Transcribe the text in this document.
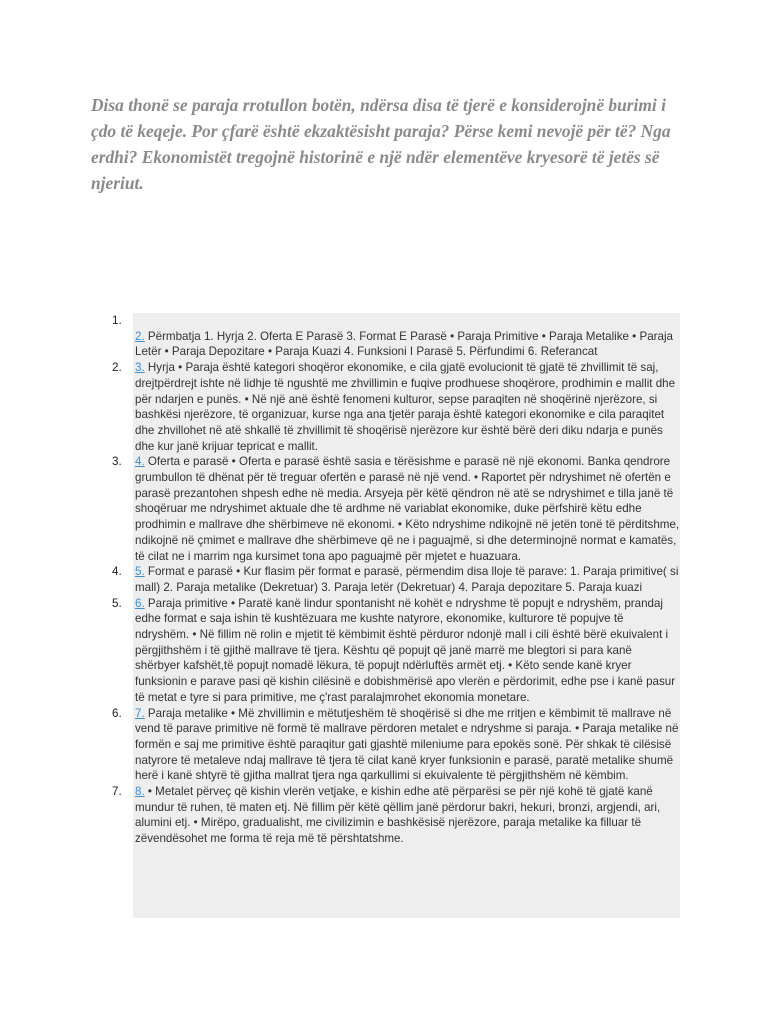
Disa thonë se paraja rrotullon botën, ndërsa disa të tjerë e konsiderojnë burimi i çdo të keqeje. Por çfarë është ekzaktësisht paraja? Përse kemi nevojë për të? Nga erdhi? Ekonomistët tregojnë historinë e një ndër elementëve kryesorë të jetës së njeriut.

1.
2. Përmbatja 1. Hyrja 2. Oferta E Parasë 3. Format E Parasë • Paraja Primitive • Paraja Metalike • Paraja Letër • Paraja Depozitare • Paraja Kuazi 4. Funksioni I Parasë 5. Përfundimi 6. Referancat
2.	3. Hyrja • Paraja është kategori shoqëror ekonomike, e cila gjatë evolucionit të gjatë të zhvillimit të saj, drejtpërdrejt ishte në lidhje të ngushtë me zhvillimin e fuqive prodhuese shoqërore, prodhimin e mallit dhe për ndarjen e punës. • Në një anë është fenomeni kulturor, sepse paraqiten në shoqërinë njerëzore, si bashkësi njerëzore, të organizuar, kurse nga ana tjetër paraja është kategori ekonomike e cila paraqitet dhe zhvillohet në atë shkallë të zhvillimit të shoqërisë njerëzore kur është bërë deri diku ndarja e punës dhe kur janë krijuar tepricat e mallit.
3.	4. Oferta e parasë • Oferta e parasë është sasia e tërësishme e parasë në një ekonomi. Banka qendrore grumbullon të dhënat për të treguar ofertën e parasë në një vend. • Raportet për ndryshimet në ofertën e parasë prezantohen shpesh edhe në media. Arsyeja për këtë qëndron në atë se ndryshimet e tilla janë të shoqëruar me ndryshimet aktuale dhe të ardhme në variablat ekonomike, duke përfshirë këtu edhe prodhimin e mallrave dhe shërbimeve në ekonomi. • Këto ndryshime ndikojnë në jetën tonë të përditshme, ndikojnë në çmimet e mallrave dhe shërbimeve që ne i paguajmë, si dhe determinojnë normat e kamatës, të cilat ne i marrim nga kursimet tona apo paguajmë për mjetet e huazuara.
4.	5. Format e parasë • Kur flasim për format e parasë, përmendim disa lloje të parave: 1. Paraja primitive( si mall) 2. Paraja metalike (Dekretuar) 3. Paraja letër (Dekretuar) 4. Paraja depozitare 5. Paraja kuazi
5.	6. Paraja primitive • Paratë kanë lindur spontanisht në kohët e ndryshme të popujt e ndryshëm, prandaj edhe format e saja ishin të kushtëzuara me kushte natyrore, ekonomike, kulturore të popujve të ndryshëm. • Në fillim në rolin e mjetit të këmbimit është përduror ndonjë mall i cili është bërë ekuivalent i përgjithshëm i të gjithë mallrave të tjera. Kështu që popujt që janë marrë me blegtori si para kanë shërbyer kafshët,të popujt nomadë lëkura, të popujt ndërluftës armët etj. • Këto sende kanë kryer funksionin e parave pasi që kishin cilësinë e dobishmërisë apo vlerën e përdorimit, edhe pse i kanë pasur të metat e tyre si para primitive, me ç'rast paralajmrohet ekonomia monetare.
6.	7. Paraja metalike • Më zhvillimin e mëtutjeshëm të shoqërisë si dhe me rritjen e këmbimit të mallrave në vend të parave primitive në formë të mallrave përdoren metalet e ndryshme si paraja. • Paraja metalike në formën e saj me primitive është paraqitur gati gjashtë mileniume para epokës sonë. Për shkak të cilësisë natyrore të metaleve ndaj mallrave të tjera të cilat kanë kryer funksionin e parasë, paratë metalike shumë herë i kanë shtyrë të gjitha mallrat tjera nga qarkullimi si ekuivalente të përgjithshëm në këmbim.
7.	8. • Metalet përveç që kishin vlerën vetjake, e kishin edhe atë përparësi se për një kohë të gjatë kanë mundur të ruhen, të maten etj. Në fillim për këtë qëllim janë përdorur bakri, hekuri, bronzi, argjendi, ari, alumini etj. • Mirëpo, gradualisht, me civilizimin e bashkësisë njerëzore, paraja metalike ka filluar të zëvendësohet me forma të reja më të përshtatshme.
